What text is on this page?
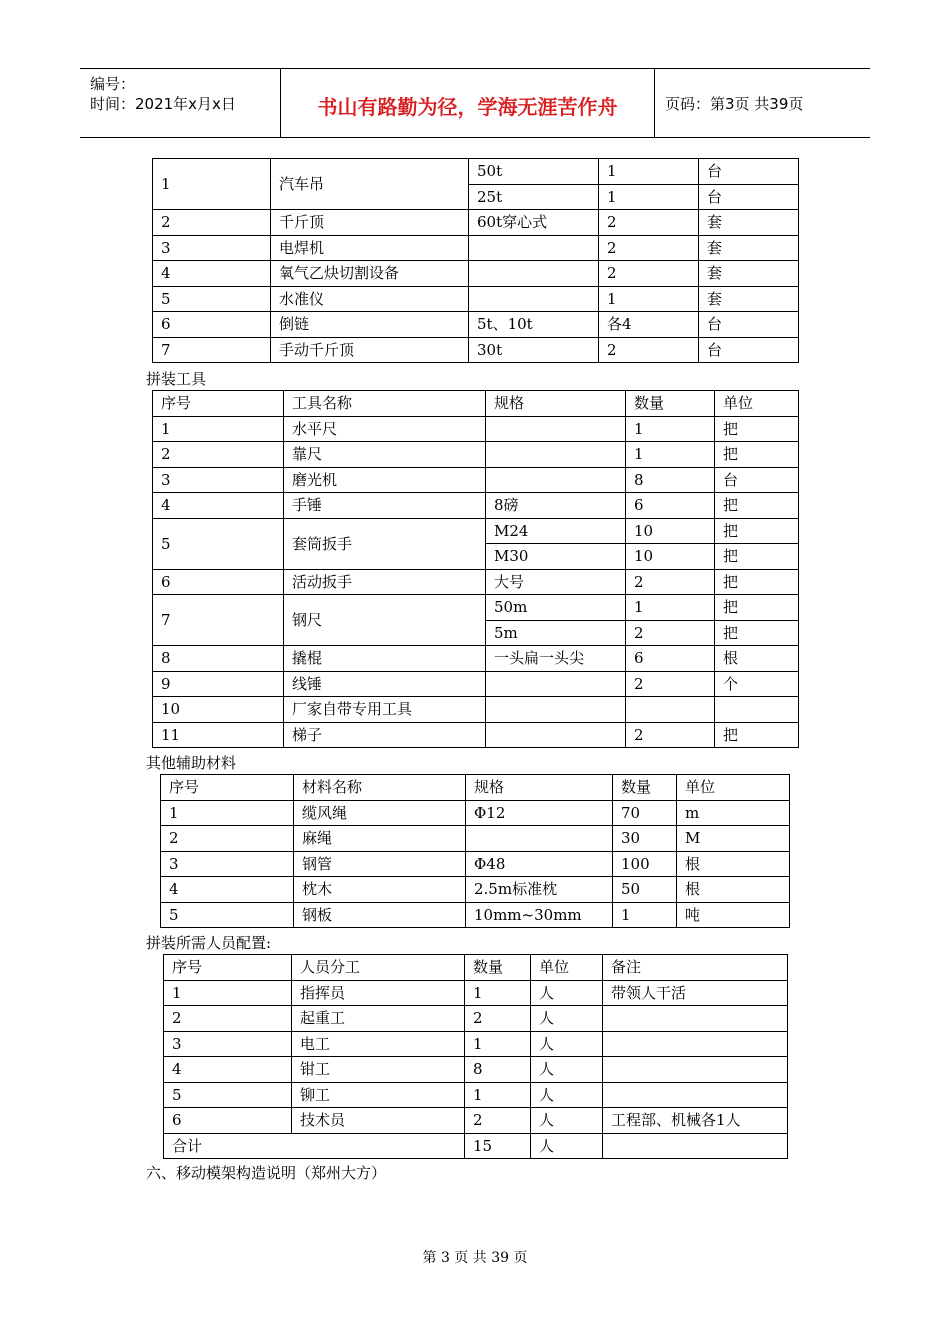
编号：
时间：2021年x月x日	书山有路勤为径，学海无涯苦作舟	页码：第3页 共39页
1	汽车吊	50t	1	台
		25t	1	台
2	千斤顶	60t穿心式	2	套
3	电焊机		2	套
4	氧气乙炔切割设备		2	套
5	水准仪		1	套
6	倒链	5t、10t	各4	台
7	手动千斤顶	30t	2	台
拼装工具
序号	工具名称	规格	数量	单位
1	水平尺		1	把
2	靠尺		1	把
3	磨光机		8	台
4	手锤	8磅	6	把
5	套筒扳手	M24	10	把
		M30	10	把
6	活动扳手	大号	2	把
7	钢尺	50m	1	把
		5m	2	把
8	撬棍	一头扁一头尖	6	根
9	线锤		2	个
10	厂家自带专用工具			
11	梯子		2	把
其他辅助材料
序号	材料名称	规格	数量	单位
1	缆风绳	Φ12	70	m
2	麻绳		30	M
3	钢管	Φ48	100	根
4	枕木	2.5m标准枕	50	根
5	钢板	10mm~30mm	1	吨
拼装所需人员配置:
序号	人员分工	数量	单位	备注
1	指挥员	1	人	带领人干活
2	起重工	2	人	
3	电工	1	人	
4	钳工	8	人	
5	铆工	1	人	
6	技术员	2	人	工程部、机械各1人
合计		15	人	
六、移动模架构造说明（郑州大方）
第 3 页 共 39 页
